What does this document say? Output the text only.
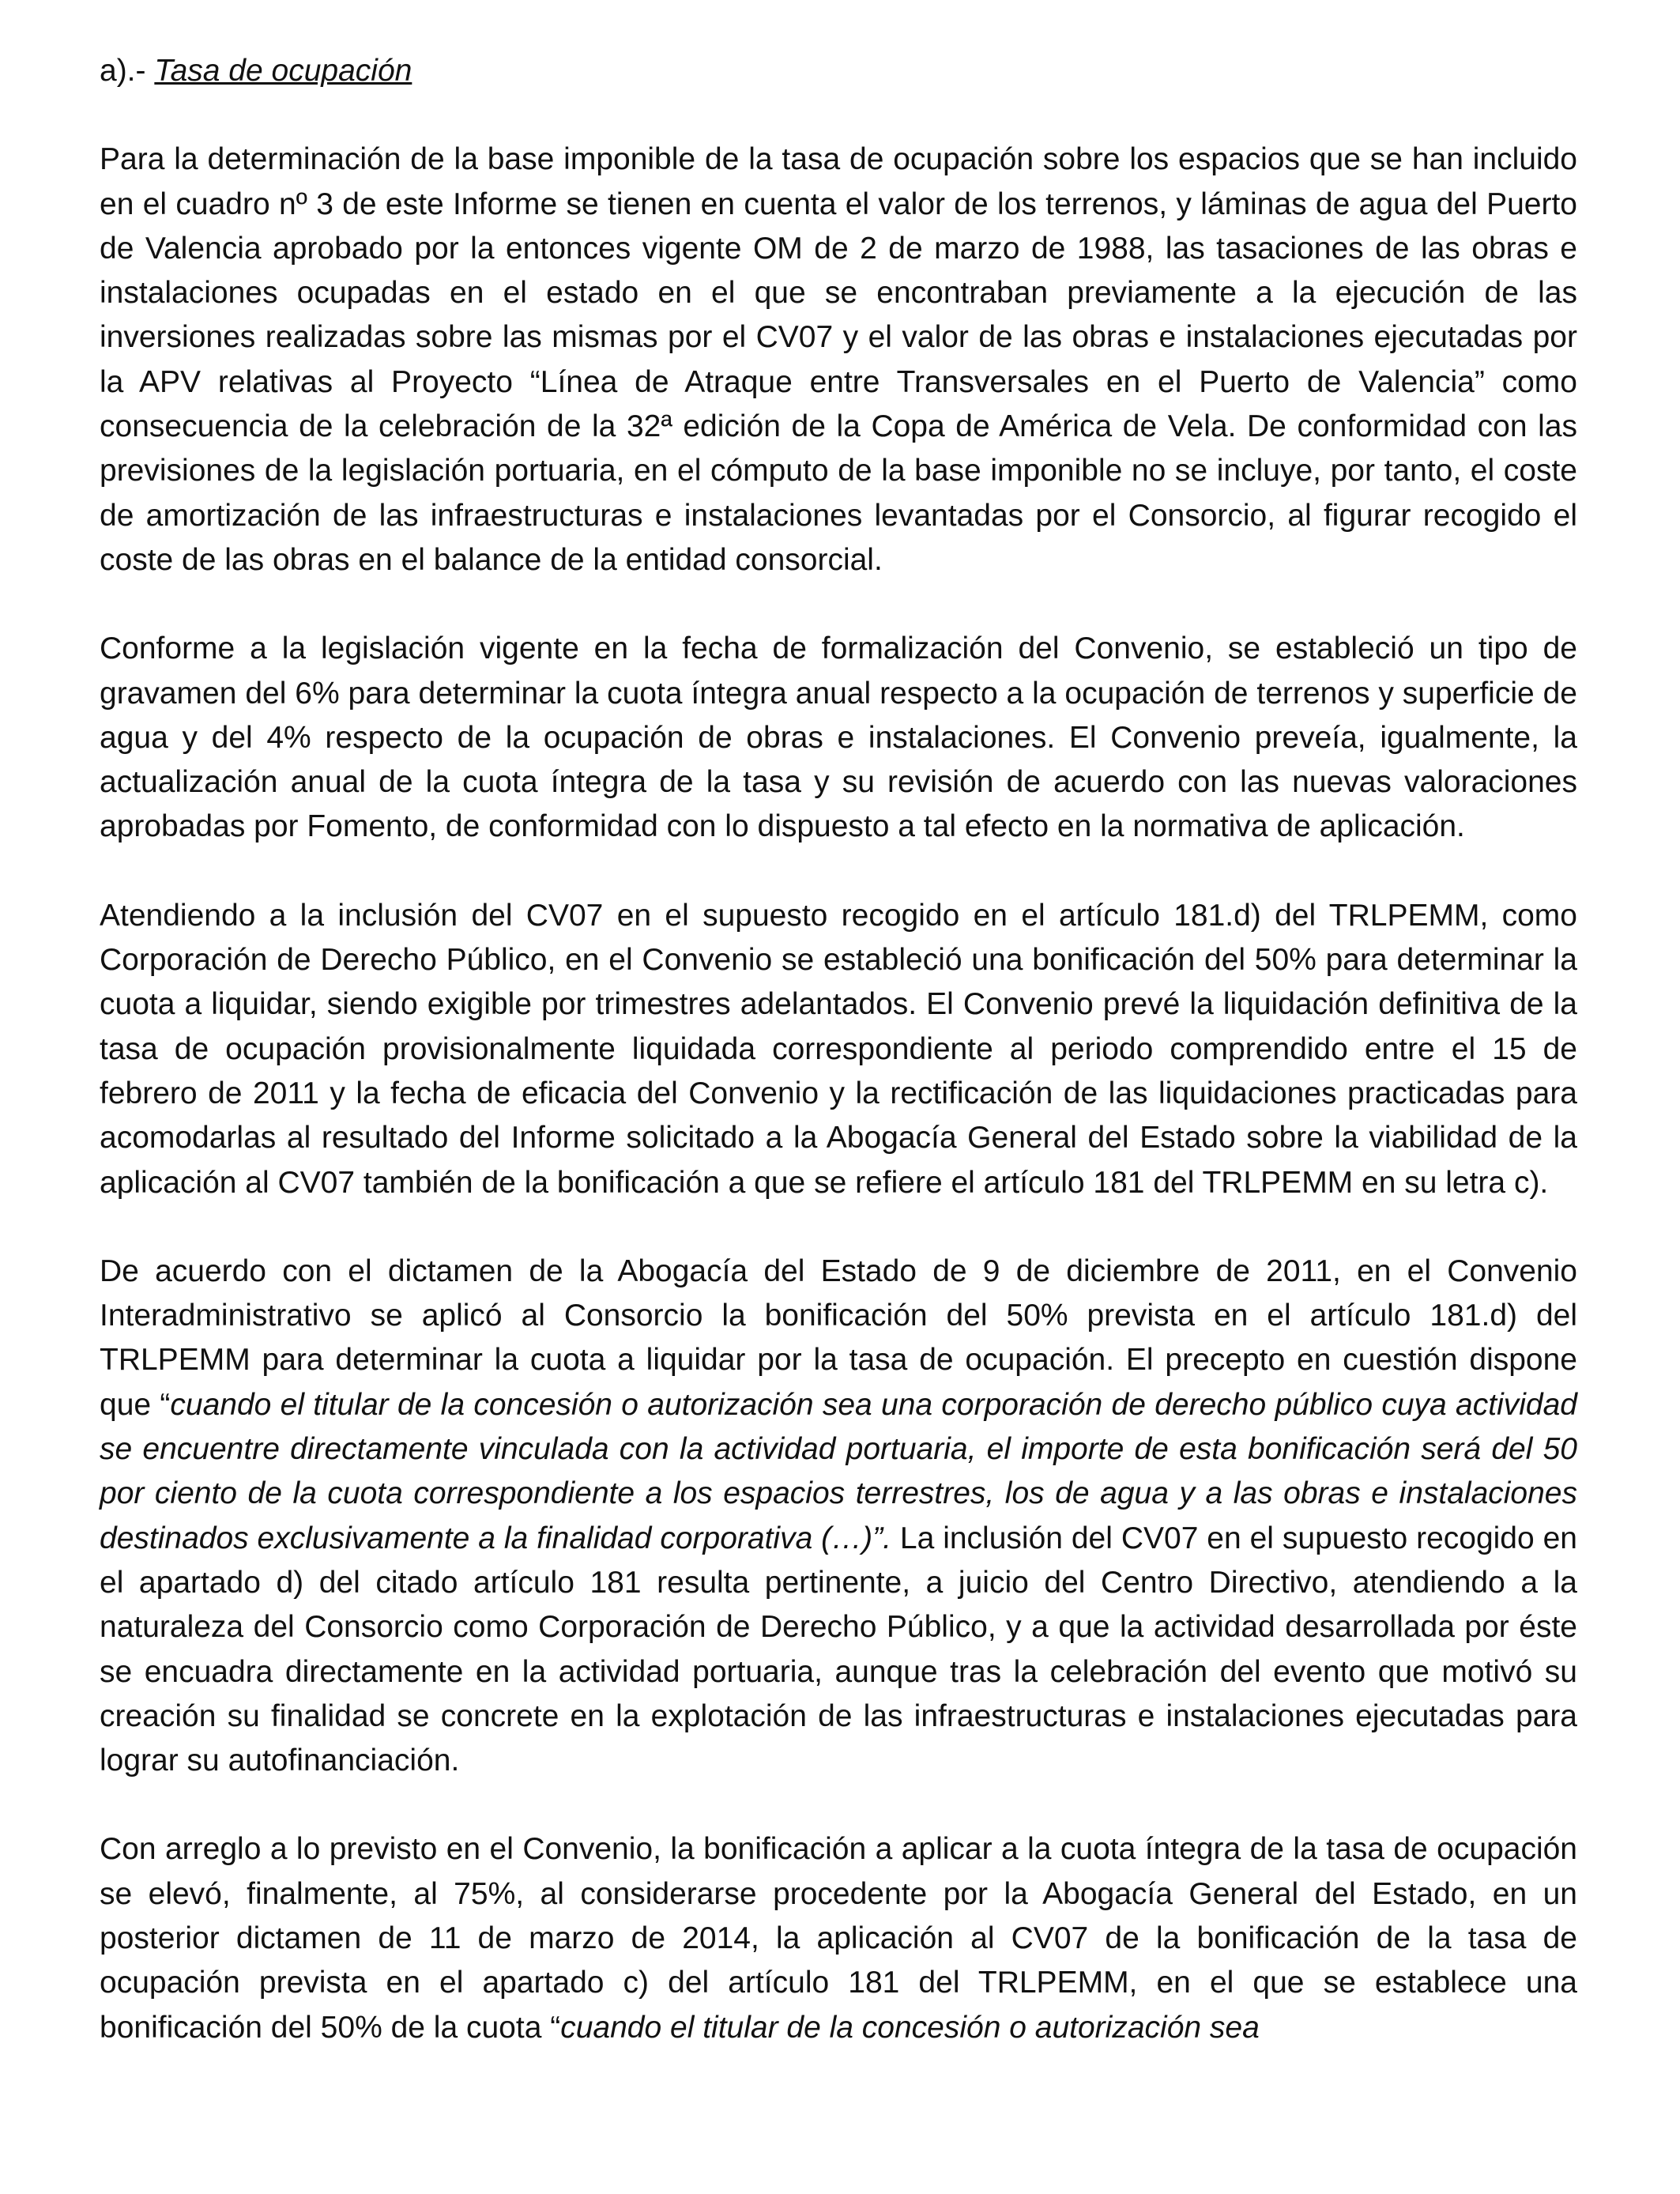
a).- Tasa de ocupación

Para la determinación de la base imponible de la tasa de ocupación sobre los espacios que se han incluido en el cuadro nº 3 de este Informe se tienen en cuenta el valor de los terrenos, y láminas de agua del Puerto de Valencia aprobado por la entonces vigente OM de 2 de marzo de 1988, las tasaciones de las obras e instalaciones ocupadas en el estado en el que se encontraban previamente a la ejecución de las inversiones realizadas sobre las mismas por el CV07 y el valor de las obras e instalaciones ejecutadas por la APV relativas al Proyecto “Línea de Atraque entre Transversales en el Puerto de Valencia” como consecuencia de la celebración de la 32ª edición de la Copa de América de Vela. De conformidad con las previsiones de la legislación portuaria, en el cómputo de la base imponible no se incluye, por tanto, el coste de amortización de las infraestructuras e instalaciones levantadas por el Consorcio, al figurar recogido el coste de las obras en el balance de la entidad consorcial.

Conforme a la legislación vigente en la fecha de formalización del Convenio, se estableció un tipo de gravamen del 6% para determinar la cuota íntegra anual respecto a la ocupación de terrenos y superficie de agua y del 4% respecto de la ocupación de obras e instalaciones. El Convenio preveía, igualmente, la actualización anual de la cuota íntegra de la tasa y su revisión de acuerdo con las nuevas valoraciones aprobadas por Fomento, de conformidad con lo dispuesto a tal efecto en la normativa de aplicación.

Atendiendo a la inclusión del CV07 en el supuesto recogido en el artículo 181.d) del TRLPEMM, como Corporación de Derecho Público, en el Convenio se estableció una bonificación del 50% para determinar la cuota a liquidar, siendo exigible por trimestres adelantados. El Convenio prevé la liquidación definitiva de la tasa de ocupación provisionalmente liquidada correspondiente al periodo comprendido entre el 15 de febrero de 2011 y la fecha de eficacia del Convenio y la rectificación de las liquidaciones practicadas para acomodarlas al resultado del Informe solicitado a la Abogacía General del Estado sobre la viabilidad de la aplicación al CV07 también de la bonificación a que se refiere el artículo 181 del TRLPEMM en su letra c).

De acuerdo con el dictamen de la Abogacía del Estado de 9 de diciembre de 2011, en el Convenio Interadministrativo se aplicó al Consorcio la bonificación del 50% prevista en el artículo 181.d) del TRLPEMM para determinar la cuota a liquidar por la tasa de ocupación. El precepto en cuestión dispone que “cuando el titular de la concesión o autorización sea una corporación de derecho público cuya actividad se encuentre directamente vinculada con la actividad portuaria, el importe de esta bonificación será del 50 por ciento de la cuota correspondiente a los espacios terrestres, los de agua y a las obras e instalaciones destinados exclusivamente a la finalidad corporativa (…)”. La inclusión del CV07 en el supuesto recogido en el apartado d) del citado artículo 181 resulta pertinente, a juicio del Centro Directivo, atendiendo a la naturaleza del Consorcio como Corporación de Derecho Público, y a que la actividad desarrollada por éste se encuadra directamente en la actividad portuaria, aunque tras la celebración del evento que motivó su creación su finalidad se concrete en la explotación de las infraestructuras e instalaciones ejecutadas para lograr su autofinanciación.

Con arreglo a lo previsto en el Convenio, la bonificación a aplicar a la cuota íntegra de la tasa de ocupación se elevó, finalmente, al 75%, al considerarse procedente por la Abogacía General del Estado, en un posterior dictamen de 11 de marzo de 2014, la aplicación al CV07 de la bonificación de la tasa de ocupación prevista en el apartado c) del artículo 181 del TRLPEMM, en el que se establece una bonificación del 50% de la cuota “cuando el titular de la concesión o autorización sea
